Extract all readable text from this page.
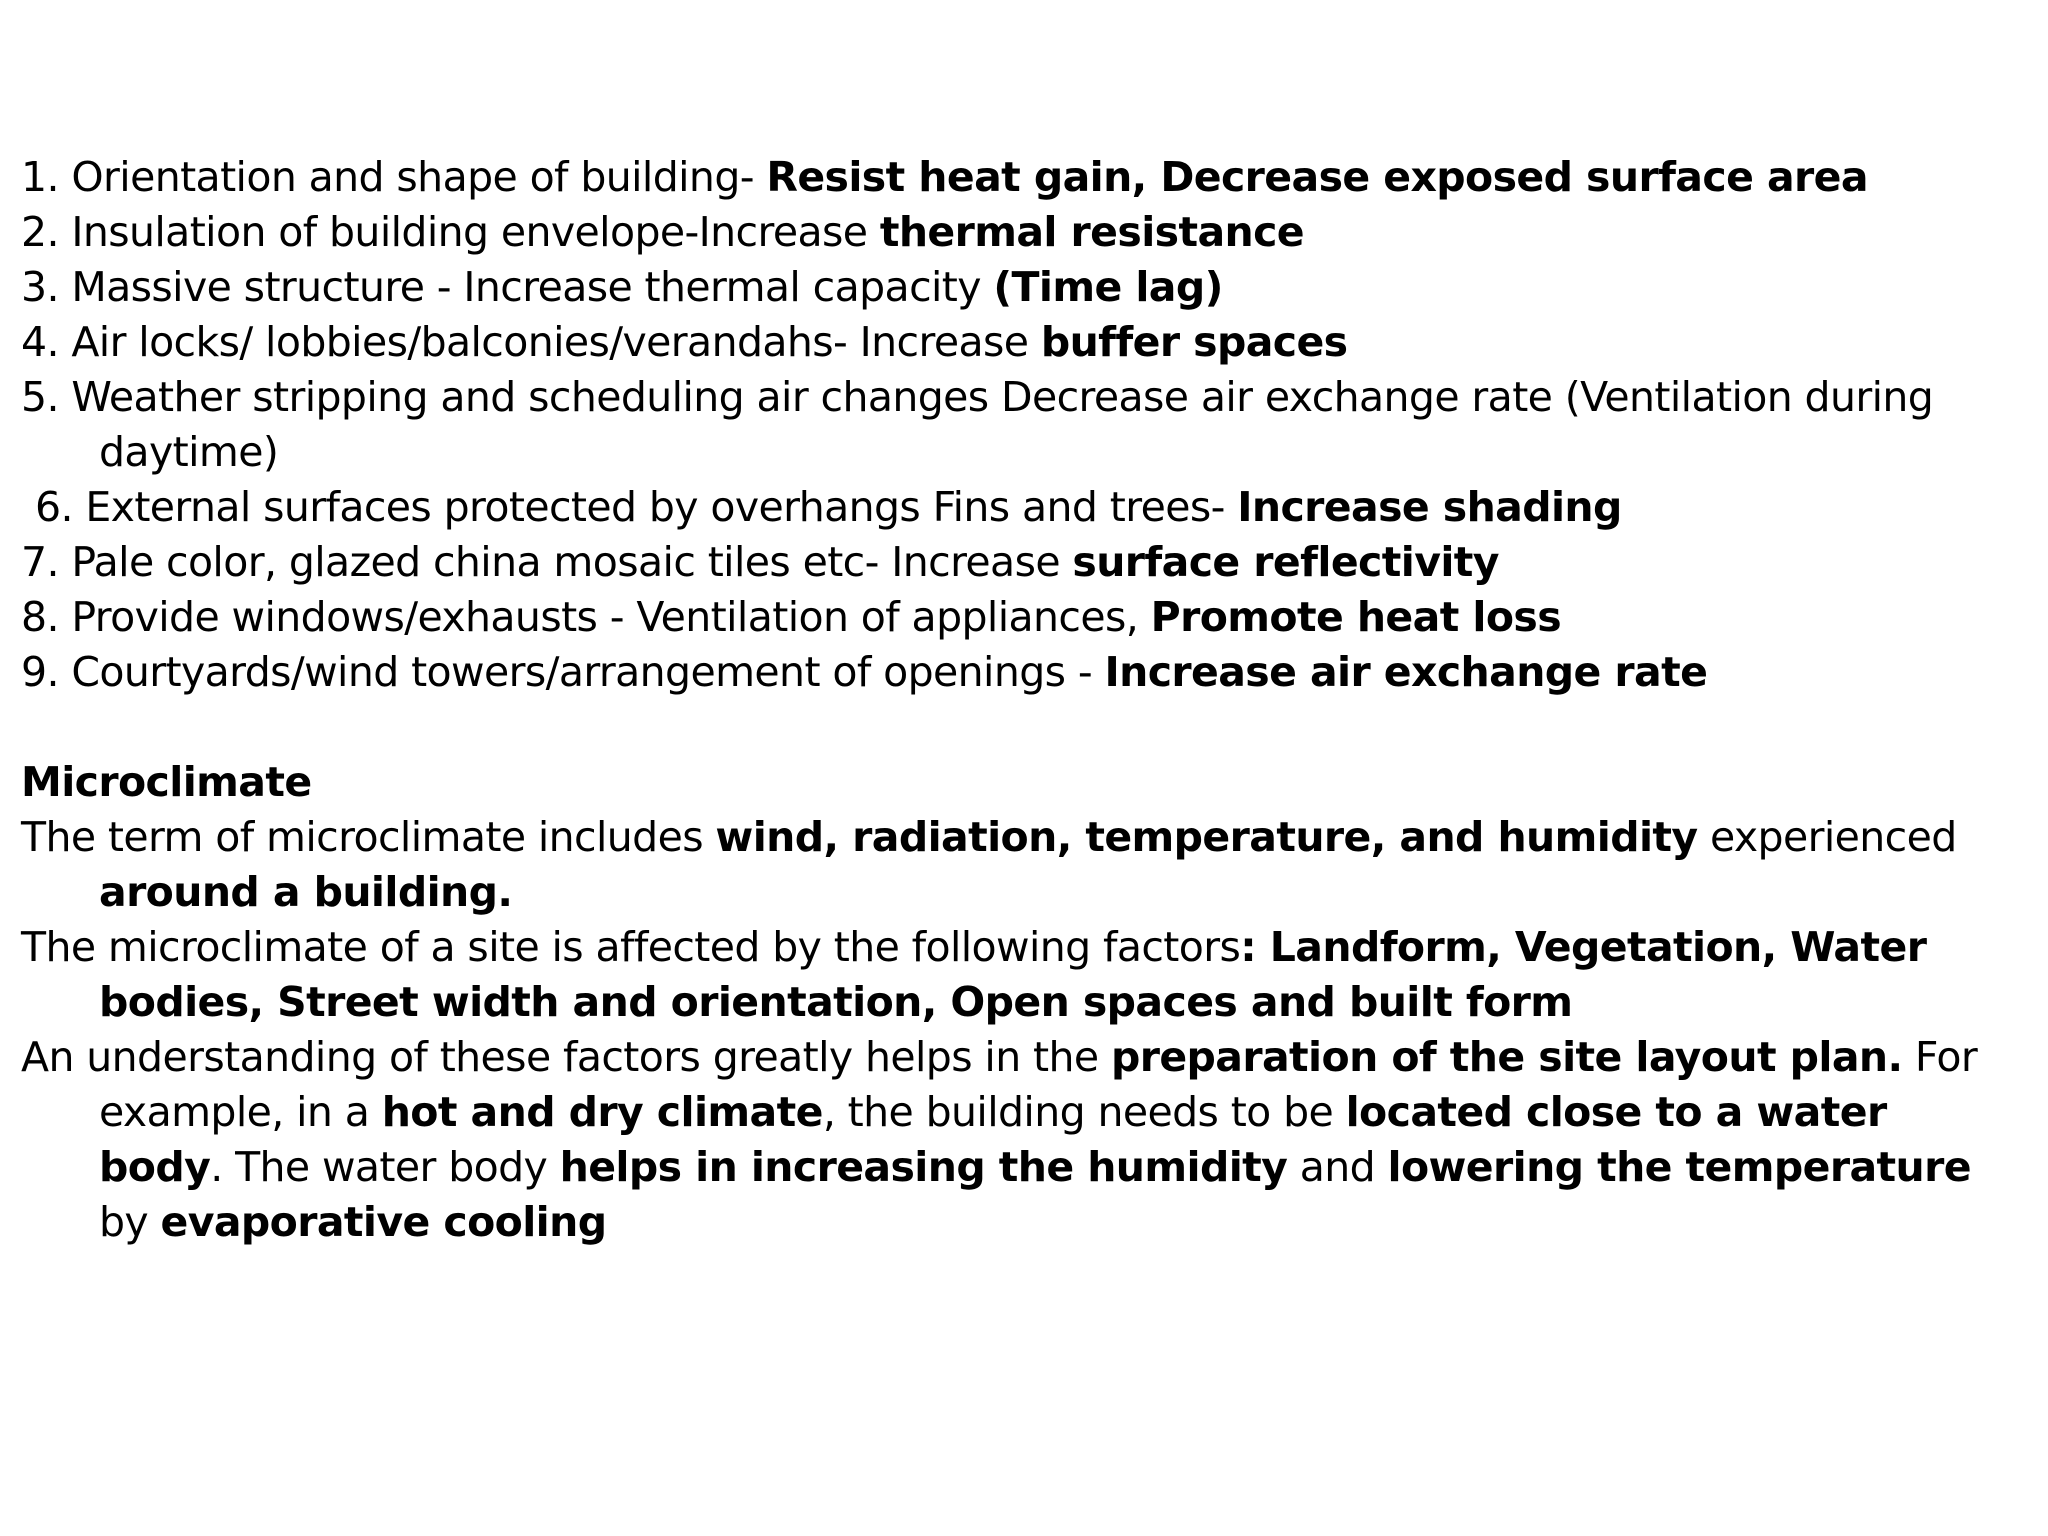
1. Orientation and shape of building- Resist heat gain, Decrease exposed surface area
2. Insulation of building envelope-Increase thermal resistance
3. Massive structure - Increase thermal capacity (Time lag)
4. Air locks/ lobbies/balconies/verandahs- Increase buffer spaces

5. Weather stripping and scheduling air changes Decrease air exchange rate (Ventilation during daytime)

6. External surfaces protected by overhangs Fins and trees- Increase shading
7. Pale color, glazed china mosaic tiles etc- Increase surface reflectivity
8. Provide windows/exhausts - Ventilation of appliances, Promote heat loss
9. Courtyards/wind towers/arrangement of openings - Increase air exchange rate
Microclimate

The term of microclimate includes wind, radiation, temperature, and humidity experienced around a building.

The microclimate of a site is affected by the following factors: Landform, Vegetation, Water bodies, Street width and orientation, Open spaces and built form

An understanding of these factors greatly helps in the preparation of the site layout plan. For example, in a hot and dry climate, the building needs to be located close to a water body. The water body helps in increasing the humidity and lowering the temperature by evaporative cooling
